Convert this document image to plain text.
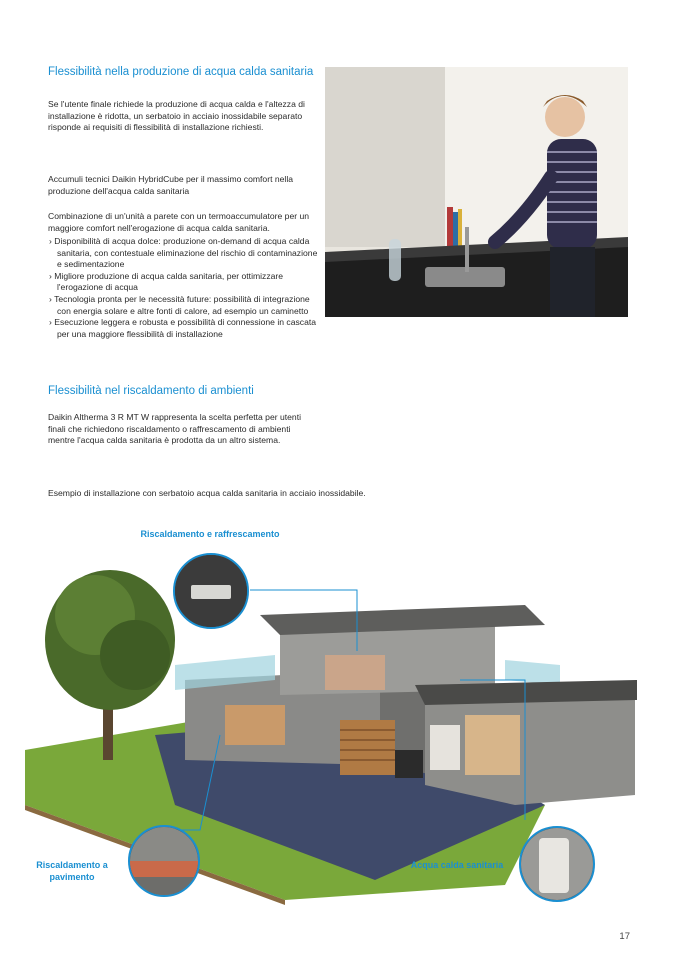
Flessibilità nella produzione di acqua calda sanitaria

Se l'utente finale richiede la produzione di acqua calda e l'altezza di installazione è ridotta, un serbatoio in acciaio inossidabile separato risponde ai requisiti di flessibilità di installazione richiesti.

Accumuli tecnici Daikin HybridCube per il massimo comfort nella produzione dell'acqua calda sanitaria

Combinazione di un'unità a parete con un termoaccumulatore per un maggiore comfort nell'erogazione di acqua calda sanitaria.

› Disponibilità di acqua dolce: produzione on-demand di acqua calda sanitaria, con contestuale eliminazione del rischio di contaminazione e sedimentazione
› Migliore produzione di acqua calda sanitaria, per ottimizzare l'erogazione di acqua
› Tecnologia pronta per le necessità future: possibilità di integrazione con energia solare e altre fonti di calore, ad esempio un caminetto
› Esecuzione leggera e robusta e possibilità di connessione in cascata per una maggiore flessibilità di installazione
Flessibilità nel riscaldamento di ambienti

Daikin Altherma 3 R MT W rappresenta la scelta perfetta per utenti finali che richiedono riscaldamento o raffrescamento di ambienti mentre l'acqua calda sanitaria è prodotta da un altro sistema.

Esempio di installazione con serbatoio acqua calda sanitaria in acciaio inossidabile.

Riscaldamento e raffrescamento
Riscaldamento a pavimento
Acqua calda sanitaria
17
